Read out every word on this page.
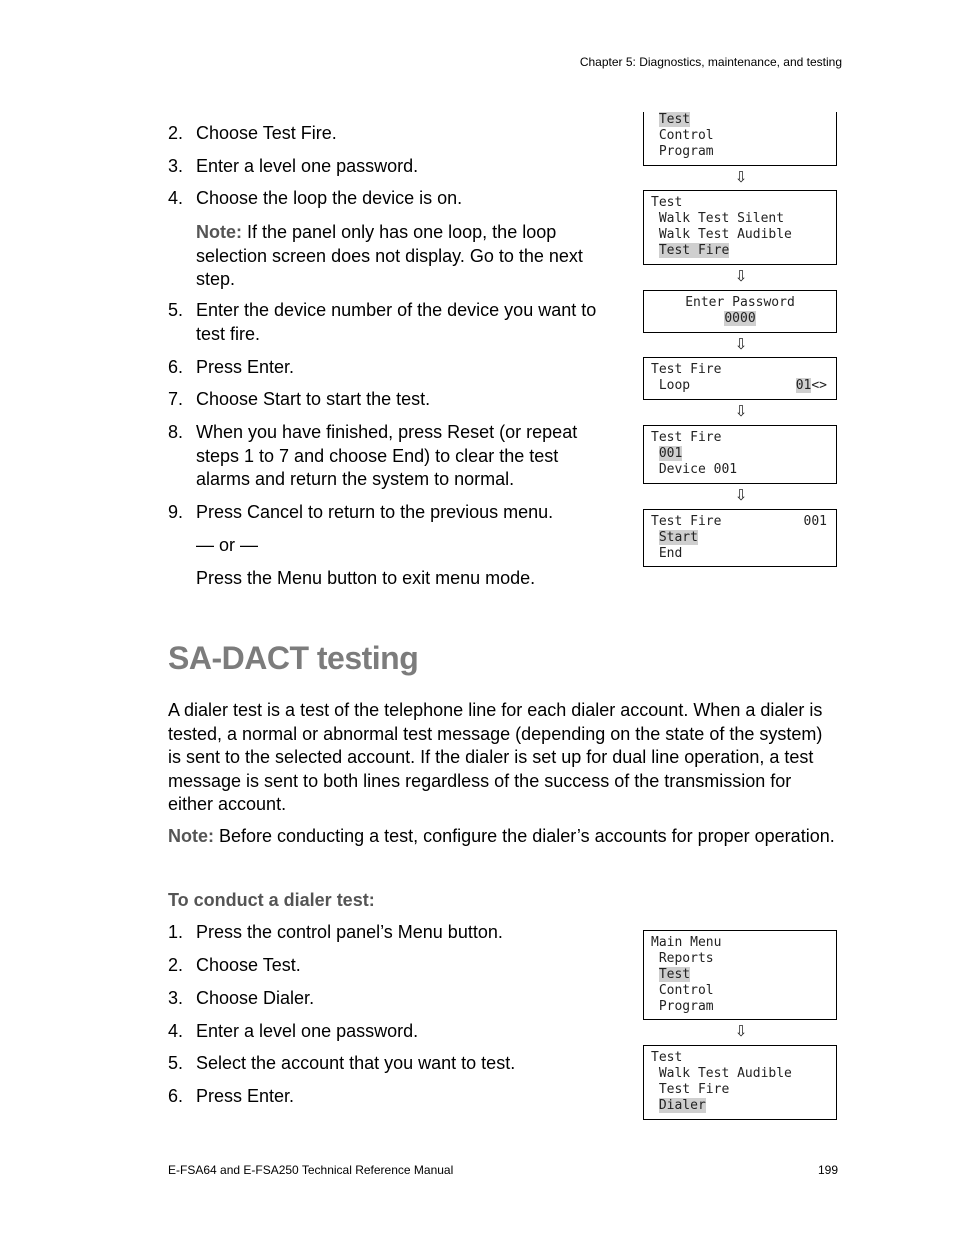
Chapter 5: Diagnostics, maintenance, and testing
E-FSA64 and E-FSA250 Technical Reference Manual	199
2. Choose Test Fire.
3. Enter a level one password.
4. Choose the loop the device is on.
Note: If the panel only has one loop, the loop selection screen does not display. Go to the next step.
5. Enter the device number of the device you want to test fire.
6. Press Enter.
7. Choose Start to start the test.
8. When you have finished, press Reset (or repeat steps 1 to 7 and choose End) to clear the test alarms and return the system to normal.
9. Press Cancel to return to the previous menu.
— or —
Press the Menu button to exit menu mode.
Test
Control
Program
⇩
Test
Walk Test Silent
Walk Test Audible
Test Fire
⇩
Enter Password
0000
⇩
Test Fire
Loop	01<>
⇩
Test Fire
001
Device 001
⇩
Test Fire	001
Start
End
SA-DACT testing
A dialer test is a test of the telephone line for each dialer account. When a dialer is tested, a normal or abnormal test message (depending on the state of the system) is sent to the selected account. If the dialer is set up for dual line operation, a test message is sent to both lines regardless of the success of the transmission for either account.
Note: Before conducting a test, configure the dialer’s accounts for proper operation.
To conduct a dialer test:
1. Press the control panel’s Menu button.
2. Choose Test.
3. Choose Dialer.
4. Enter a level one password.
5. Select the account that you want to test.
6. Press Enter.
Main Menu
Reports
Test
Control
Program
⇩
Test
Walk Test Audible
Test Fire
Dialer
